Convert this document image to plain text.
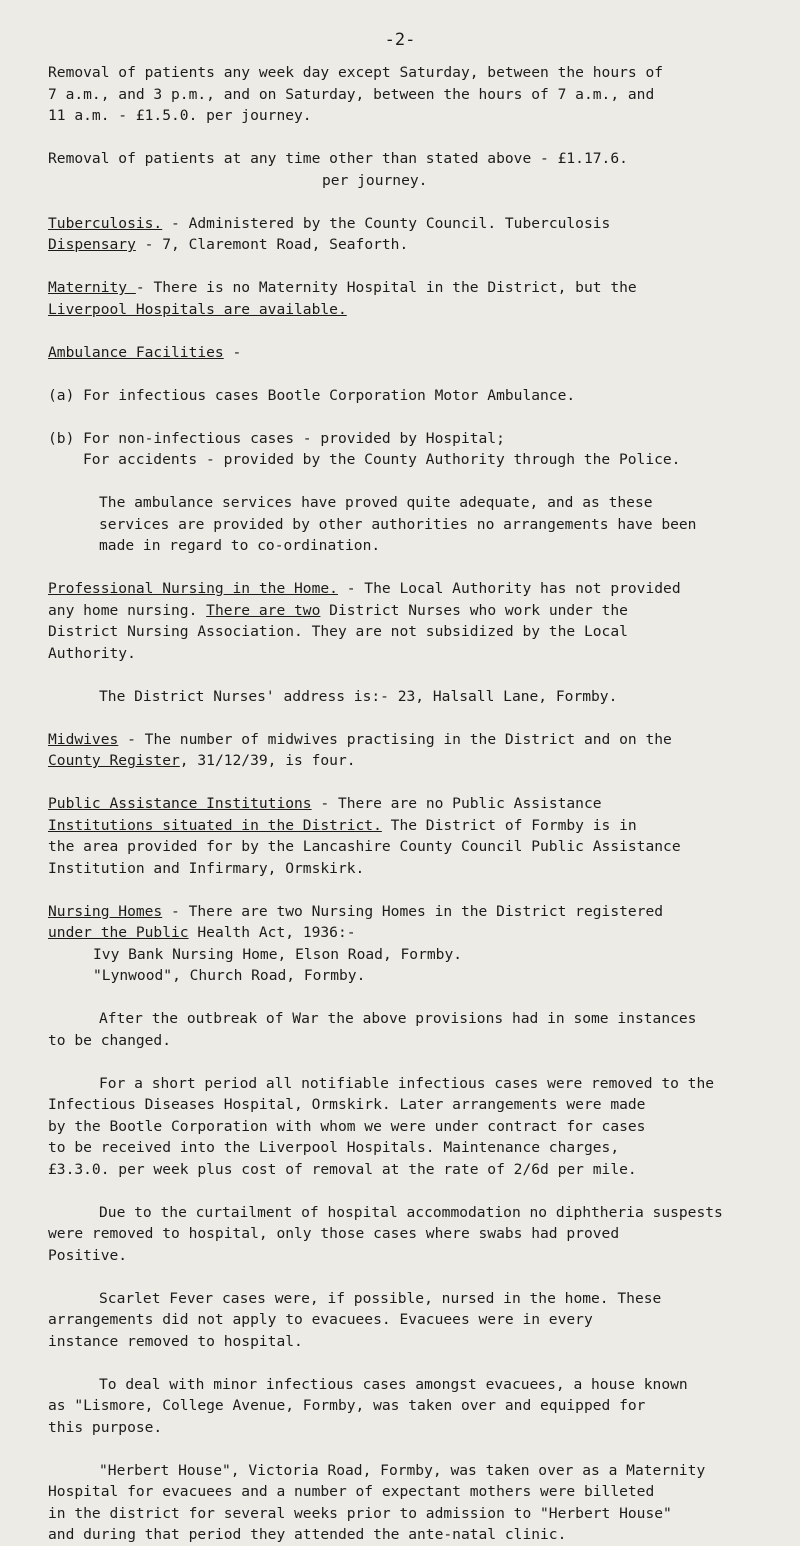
-2-

Removal of patients any week day except Saturday, between the hours of

7 a.m., and 3 p.m., and on Saturday, between the hours of 7 a.m., and

11 a.m. - £1.5.0. per journey.

Removal of patients at any time other than stated above - £1.17.6.

per journey.

Tuberculosis. - Administered by the County Council. Tuberculosis

Dispensary - 7, Claremont Road, Seaforth.

Maternity - There is no Maternity Hospital in the District, but the

Liverpool Hospitals are available.

Ambulance Facilities -

(a) For infectious cases Bootle Corporation Motor Ambulance.

(b) For non-infectious cases - provided by Hospital;

For accidents - provided by the County Authority through the Police.

The ambulance services have proved quite adequate, and as these

services are provided by other authorities no arrangements have been

made in regard to co-ordination.

Professional Nursing in the Home. - The Local Authority has not provided

any home nursing. There are two District Nurses who work under the

District Nursing Association. They are not subsidized by the Local

Authority.

The District Nurses' address is:- 23, Halsall Lane, Formby.

Midwives - The number of midwives practising in the District and on the

County Register, 31/12/39, is four.

Public Assistance Institutions - There are no Public Assistance

Institutions situated in the District. The District of Formby is in

the area provided for by the Lancashire County Council Public Assistance

Institution and Infirmary, Ormskirk.

Nursing Homes - There are two Nursing Homes in the District registered

under the Public Health Act, 1936:-

Ivy Bank Nursing Home, Elson Road, Formby.

"Lynwood", Church Road, Formby.

After the outbreak of War the above provisions had in some instances

to be changed.

For a short period all notifiable infectious cases were removed to the

Infectious Diseases Hospital, Ormskirk. Later arrangements were made

by the Bootle Corporation with whom we were under contract for cases

to be received into the Liverpool Hospitals. Maintenance charges,

£3.3.0. per week plus cost of removal at the rate of 2/6d per mile.

Due to the curtailment of hospital accommodation no diphtheria suspests

were removed to hospital, only those cases where swabs had proved

Positive.

Scarlet Fever cases were, if possible, nursed in the home. These

arrangements did not apply to evacuees. Evacuees were in every

instance removed to hospital.

To deal with minor infectious cases amongst evacuees, a house known

as "Lismore, College Avenue, Formby, was taken over and equipped for

this purpose.

"Herbert House", Victoria Road, Formby, was taken over as a Maternity

Hospital for evacuees and a number of expectant mothers were billeted

in the district for several weeks prior to admission to "Herbert House"

and during that period they attended the ante-natal clinic.
